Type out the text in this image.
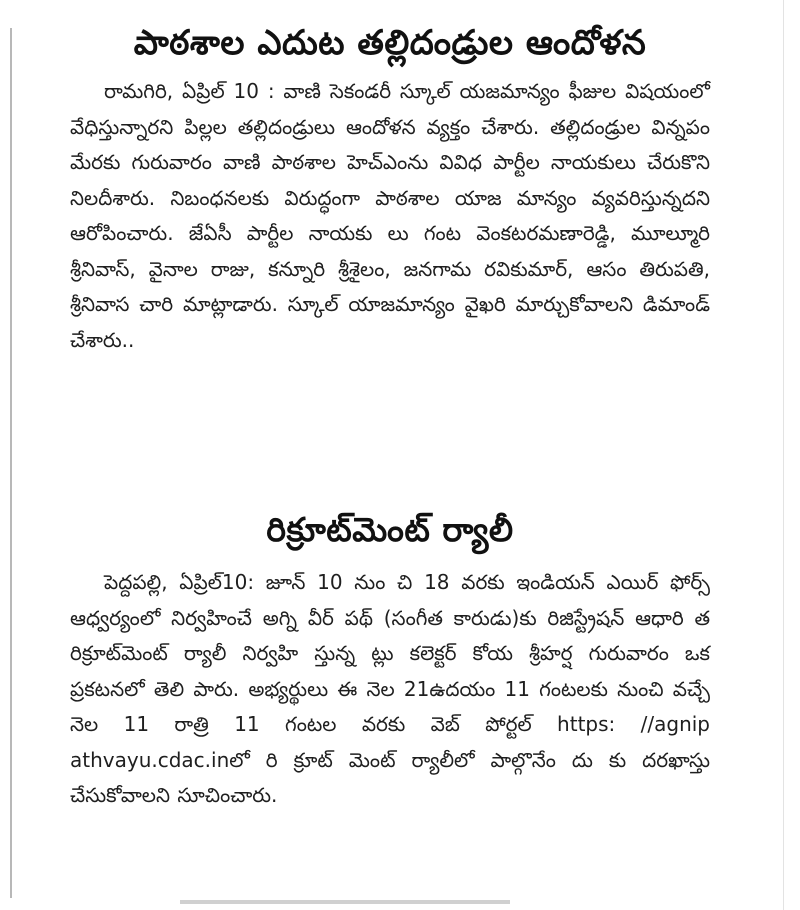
పాఠశాల ఎదుట తల్లిదండ్రుల ఆందోళన

రామగిరి, ఏప్రిల్ 10 : వాణి సెకండరీ స్కూల్ యజమాన్యం ఫీజుల విషయంలో వేధిస్తున్నారని పిల్లల తల్లిదండ్రులు ఆందోళన వ్యక్తం చేశారు. తల్లిదండ్రుల విన్నపం మేరకు గురువారం వాణి పాఠశాల హెచ్ఎంను వివిధ పార్టీల నాయకులు చేరుకొని నిలదీశారు. నిబంధనలకు విరుద్ధంగా పాఠశాల యాజ మాన్యం వ్యవరిస్తున్నదని ఆరోపించారు. జేఏసీ పార్టీల నాయకు లు గంట వెంకటరమణారెడ్డి, మూల్మూరి శ్రీనివాస్, వైనాల రాజు, కన్నూరి శ్రీశైలం, జనగామ రవికుమార్, ఆసం తిరుపతి, శ్రీనివాస చారి మాట్లాడారు. స్కూల్ యాజమాన్యం వైఖరి మార్చుకోవాలని డిమాండ్ చేశారు..

రిక్రూట్‌మెంట్ ర్యాలీ

పెద్దపల్లి, ఏప్రిల్10: జూన్ 10 నుం చి 18 వరకు ఇండియన్ ఎయిర్ ఫోర్స్ ఆధ్వర్యంలో నిర్వహించే అగ్ని వీర్ పథ్ (సంగీత కారుడు)కు రిజిస్ట్రేషన్ ఆధారి త రిక్రూట్‌మెంట్ ర్యాలీ నిర్వహి స్తున్న ట్లు కలెక్టర్ కోయ శ్రీహర్ష గురువారం ఒక ప్రకటనలో తెలి పారు. అభ్యర్థులు ఈ నెల 21ఉదయం 11 గంటలకు నుంచి వచ్చే నెల 11 రాత్రి 11 గంటల వరకు వెబ్ పోర్టల్ https: //agnip athvayu.cdac.inలో రి క్రూట్ మెంట్ ర్యాలీలో పాల్గొనేం దు కు దరఖాస్తు చేసుకోవాలని సూచించారు.
